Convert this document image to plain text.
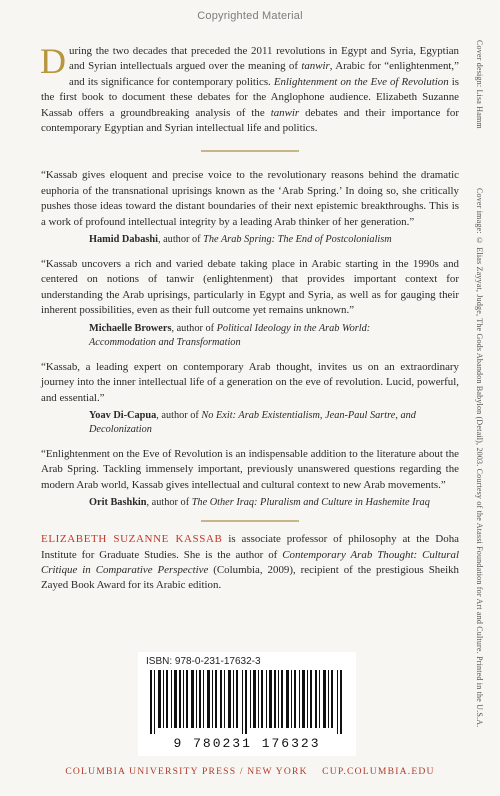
Copyrighted Material

During the two decades that preceded the 2011 revolutions in Egypt and Syria, Egyptian and Syrian intellectuals argued over the meaning of tanwir, Arabic for “enlightenment,” and its significance for contemporary politics. Enlightenment on the Eve of Revolution is the first book to document these debates for the Anglophone audience. Elizabeth Suzanne Kassab offers a groundbreaking analysis of the tanwir debates and their importance for contemporary Egyptian and Syrian intellectual life and politics.

“Kassab gives eloquent and precise voice to the revolutionary reasons behind the dramatic euphoria of the transnational uprisings known as the ‘Arab Spring.’ In doing so, she critically pushes those ideas toward the distant boundaries of their next epistemic breakthroughs. This is a work of profound intellectual integrity by a leading Arab thinker of her generation.”

Hamid Dabashi, author of The Arab Spring: The End of Postcolonialism

“Kassab uncovers a rich and varied debate taking place in Arabic starting in the 1990s and centered on notions of tanwir (enlightenment) that provides important context for understanding the Arab uprisings, particularly in Egypt and Syria, as well as for gauging their inherent possibilities, even as their full outcome yet remains unknown.”

Michaelle Browers, author of Political Ideology in the Arab World:
Accommodation and Transformation

“Kassab, a leading expert on contemporary Arab thought, invites us on an extraordinary journey into the inner intellectual life of a generation on the eve of revolution. Lucid, powerful, and essential.”

Yoav Di-Capua, author of No Exit: Arab Existentialism, Jean-Paul Sartre, and Decolonization

“Enlightenment on the Eve of Revolution is an indispensable addition to the literature about the Arab Spring. Tackling immensely important, previously unanswered questions regarding the modern Arab world, Kassab gives intellectual and cultural context to new Arab movements.”

Orit Bashkin, author of The Other Iraq: Pluralism and Culture in Hashemite Iraq

ELIZABETH SUZANNE KASSAB is associate professor of philosophy at the Doha Institute for Graduate Studies. She is the author of Contemporary Arab Thought: Cultural Critique in Comparative Perspective (Columbia, 2009), recipient of the prestigious Sheikh Zayed Book Award for its Arabic edition.

ISBN: 978-0-231-17632-3
9 780231 176323
COLUMBIA UNIVERSITY PRESS / NEW YORK    CUP.COLUMBIA.EDU
Cover design: Lisa Hamm
Cover image: © Elias Zayyat, Judge, The Gods Abandon Babylon (Detail), 2003. Courtesy of the Atassi Foundation for Art and Culture. Printed in the U.S.A.
